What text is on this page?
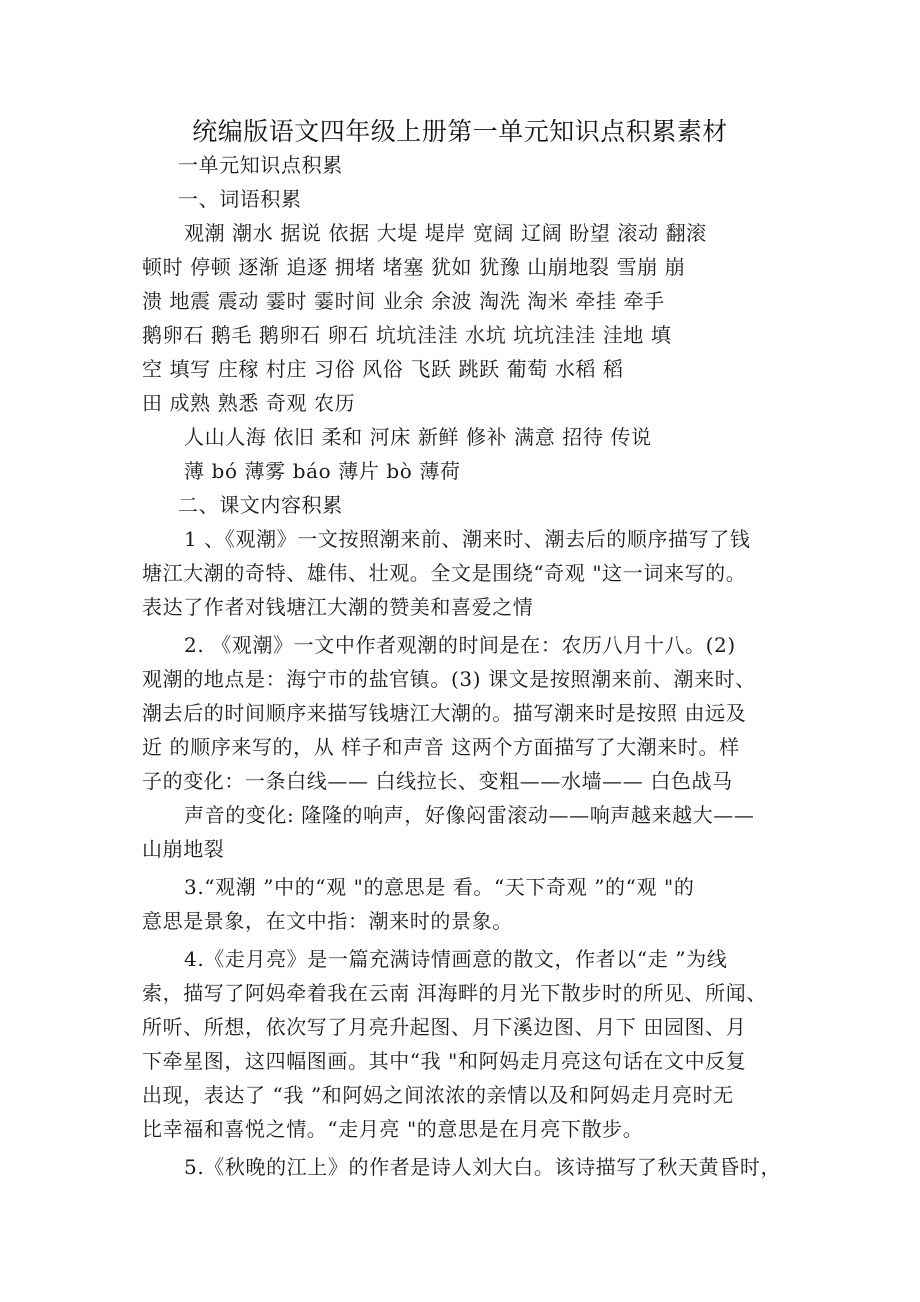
统编版语文四年级上册第一单元知识点积累素材
一单元知识点积累
一、词语积累
观潮 潮水 据说 依据 大堤 堤岸 宽阔 辽阔 盼望 滚动 翻滚
顿时 停顿 逐渐 追逐 拥堵 堵塞 犹如 犹豫 山崩地裂 雪崩 崩
溃 地震 震动 霎时 霎时间 业余 余波 淘洗 淘米 牵挂 牵手
鹅卵石 鹅毛 鹅卵石 卵石 坑坑洼洼 水坑 坑坑洼洼 洼地 填
空 填写 庄稼 村庄 习俗 风俗 飞跃 跳跃 葡萄 水稻 稻
田 成熟 熟悉 奇观 农历
人山人海 依旧 柔和 河床 新鲜 修补 满意 招待 传说
薄 bó 薄雾 báo 薄片 bò 薄荷
二、课文内容积累
1 、《观潮》一文按照潮来前、潮来时、潮去后的顺序描写了钱
塘江大潮的奇特、雄伟、壮观。全文是围绕“奇观 "这一词来写的。
表达了作者对钱塘江大潮的赞美和喜爱之情
2. 《观潮》一文中作者观潮的时间是在：农历八月十八。(2)
观潮的地点是：海宁市的盐官镇。(3) 课文是按照潮来前、潮来时、
潮去后的时间顺序来描写钱塘江大潮的。描写潮来时是按照 由远及
近 的顺序来写的，从 样子和声音 这两个方面描写了大潮来时。样
子的变化：一条白线—— 白线拉长、变粗——水墙—— 白色战马
声音的变化: 隆隆的响声，好像闷雷滚动——响声越来越大——
山崩地裂
3.“观潮 ”中的“观 "的意思是 看。“天下奇观 ”的“观 "的
意思是景象，在文中指：潮来时的景象。
4.《走月亮》是一篇充满诗情画意的散文，作者以“走 ”为线
索，描写了阿妈牵着我在云南 洱海畔的月光下散步时的所见、所闻、
所听、所想，依次写了月亮升起图、月下溪边图、月下 田园图、月
下牵星图，这四幅图画。其中“我 "和阿妈走月亮这句话在文中反复
出现，表达了 “我 ”和阿妈之间浓浓的亲情以及和阿妈走月亮时无
比幸福和喜悦之情。“走月亮 "的意思是在月亮下散步。
5.《秋晚的江上》的作者是诗人刘大白。该诗描写了秋天黄昏时，
